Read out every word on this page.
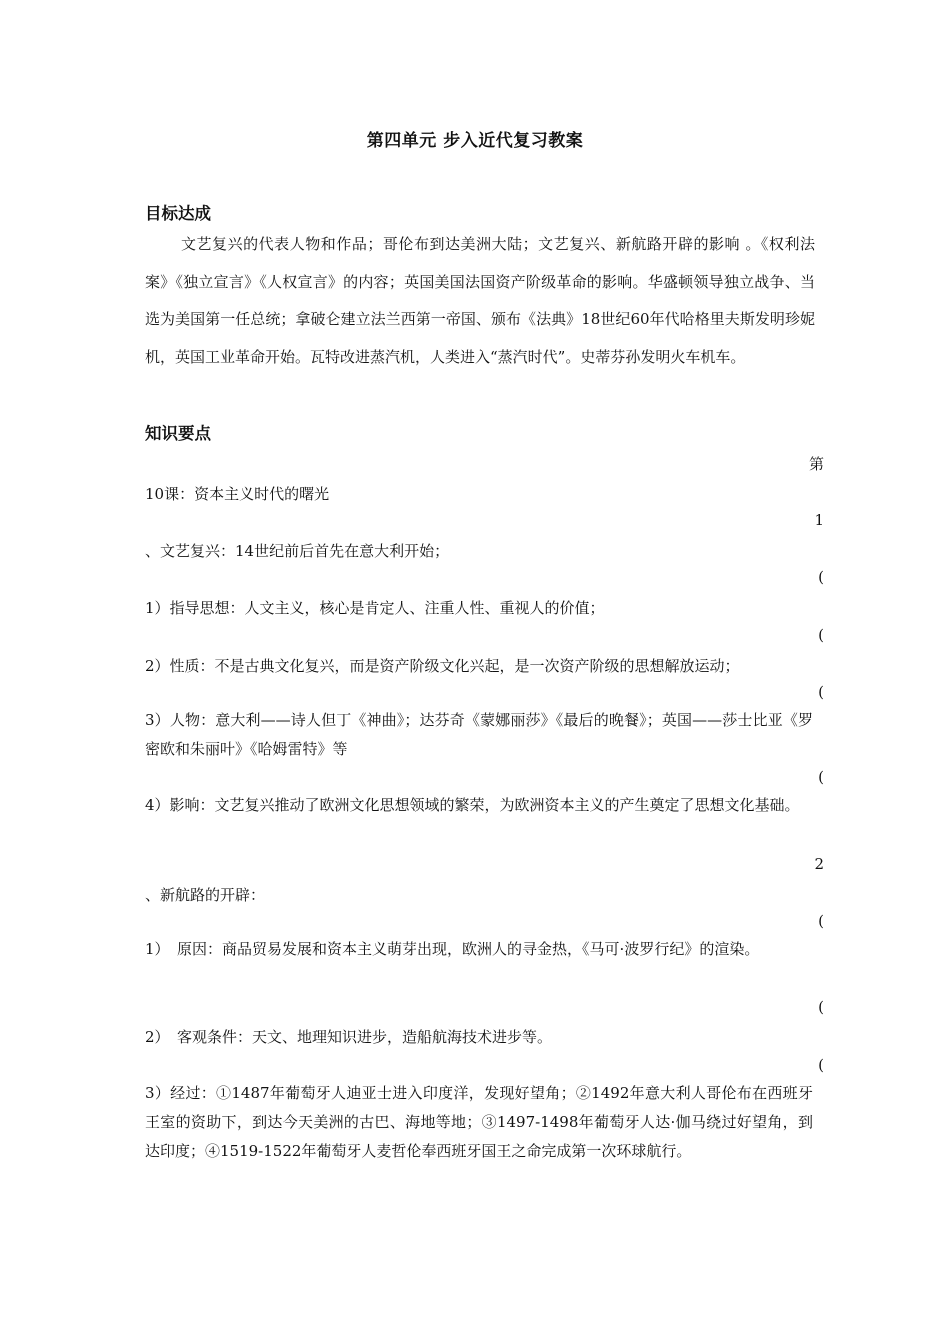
第四单元 步入近代复习教案
目标达成
文艺复兴的代表人物和作品；哥伦布到达美洲大陆；文艺复兴、新航路开辟的影响 。《权利法案》《独立宣言》《人权宣言》的内容；英国美国法国资产阶级革命的影响。华盛顿领导独立战争、当选为美国第一任总统；拿破仑建立法兰西第一帝国、颁布《法典》18世纪60年代哈格里夫斯发明珍妮机，英国工业革命开始。瓦特改进蒸汽机，人类进入“蒸汽时代”。史蒂芬孙发明火车机车。
知识要点
第
10课：资本主义时代的曙光
1
、文艺复兴：14世纪前后首先在意大利开始；
(
1）指导思想：人文主义，核心是肯定人、注重人性、重视人的价值；
(
2）性质：不是古典文化复兴，而是资产阶级文化兴起，是一次资产阶级的思想解放运动；
(
3）人物：意大利——诗人但丁《神曲》；达芬奇《蒙娜丽莎》《最后的晚餐》；英国——莎士比亚《罗密欧和朱丽叶》《哈姆雷特》等
(
4）影响：文艺复兴推动了欧洲文化思想领域的繁荣，为欧洲资本主义的产生奠定了思想文化基础。
2
、新航路的开辟：
(
1）　原因：商品贸易发展和资本主义萌芽出现，欧洲人的寻金热，《马可·波罗行纪》的渲染。
(
2）　客观条件：天文、地理知识进步，造船航海技术进步等。
(
3）经过：①1487年葡萄牙人迪亚士进入印度洋，发现好望角；②1492年意大利人哥伦布在西班牙王室的资助下，到达今天美洲的古巴、海地等地；③1497-1498年葡萄牙人达·伽马绕过好望角，到达印度；④1519-1522年葡萄牙人麦哲伦奉西班牙国王之命完成第一次环球航行。
